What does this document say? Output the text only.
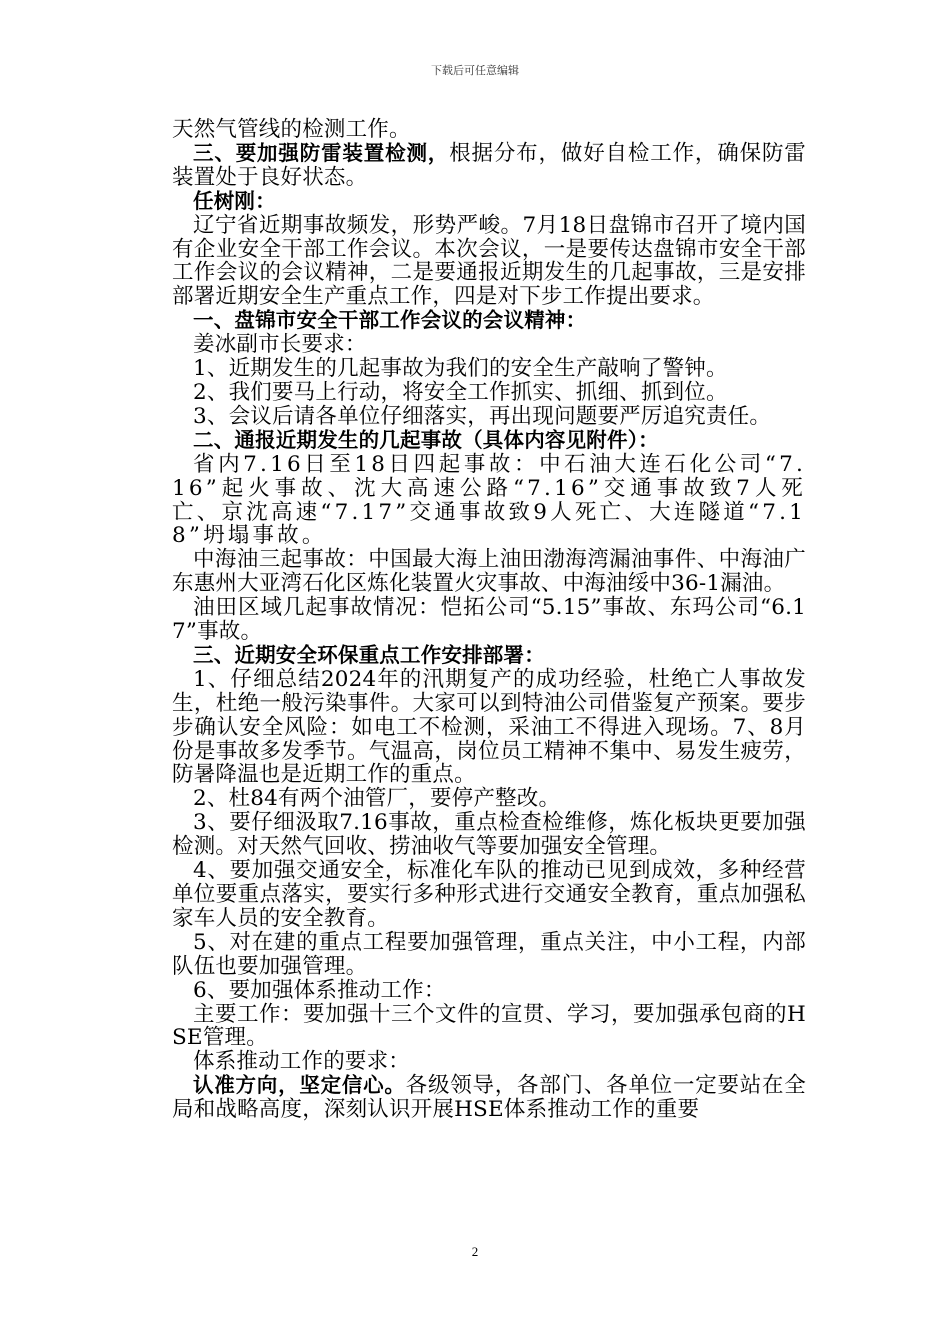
下载后可任意编辑

天然气管线的检测工作。

三、要加强防雷装置检测，根据分布，做好自检工作，确保防雷装置处于良好状态。

任树刚：

辽宁省近期事故频发，形势严峻。7月18日盘锦市召开了境内国有企业安全干部工作会议。本次会议，一是要传达盘锦市安全干部工作会议的会议精神，二是要通报近期发生的几起事故，三是安排部署近期安全生产重点工作，四是对下步工作提出要求。

一、盘锦市安全干部工作会议的会议精神：

姜冰副市长要求：

1、近期发生的几起事故为我们的安全生产敲响了警钟。

2、我们要马上行动，将安全工作抓实、抓细、抓到位。

3、会议后请各单位仔细落实，再出现问题要严厉追究责任。

二、通报近期发生的几起事故（具体内容见附件）：

省内7.16日至18日四起事故：中石油大连石化公司“7.16”起火事故、沈大高速公路“7.16”交通事故致7人死亡、京沈高速“7.17”交通事故致9人死亡、大连隧道“7.18”坍塌事故。

中海油三起事故：中国最大海上油田渤海湾漏油事件、中海油广东惠州大亚湾石化区炼化装置火灾事故、中海油绥中36-1漏油。

油田区域几起事故情况：恺拓公司“5.15”事故、东玛公司“6.17”事故。

三、近期安全环保重点工作安排部署：

1、仔细总结2024年的汛期复产的成功经验，杜绝亡人事故发生，杜绝一般污染事件。大家可以到特油公司借鉴复产预案。要步步确认安全风险：如电工不检测，采油工不得进入现场。7、8月份是事故多发季节。气温高，岗位员工精神不集中、易发生疲劳，防暑降温也是近期工作的重点。

2、杜84有两个油管厂，要停产整改。

3、要仔细汲取7.16事故，重点检查检维修，炼化板块更要加强检测。对天然气回收、捞油收气等要加强安全管理。

4、要加强交通安全，标准化车队的推动已见到成效，多种经营单位要重点落实，要实行多种形式进行交通安全教育，重点加强私家车人员的安全教育。

5、对在建的重点工程要加强管理，重点关注，中小工程，内部队伍也要加强管理。

6、要加强体系推动工作：

主要工作：要加强十三个文件的宣贯、学习，要加强承包商的HSE管理。

体系推动工作的要求：

认准方向，坚定信心。各级领导，各部门、各单位一定要站在全局和战略高度，深刻认识开展HSE体系推动工作的重要

2
